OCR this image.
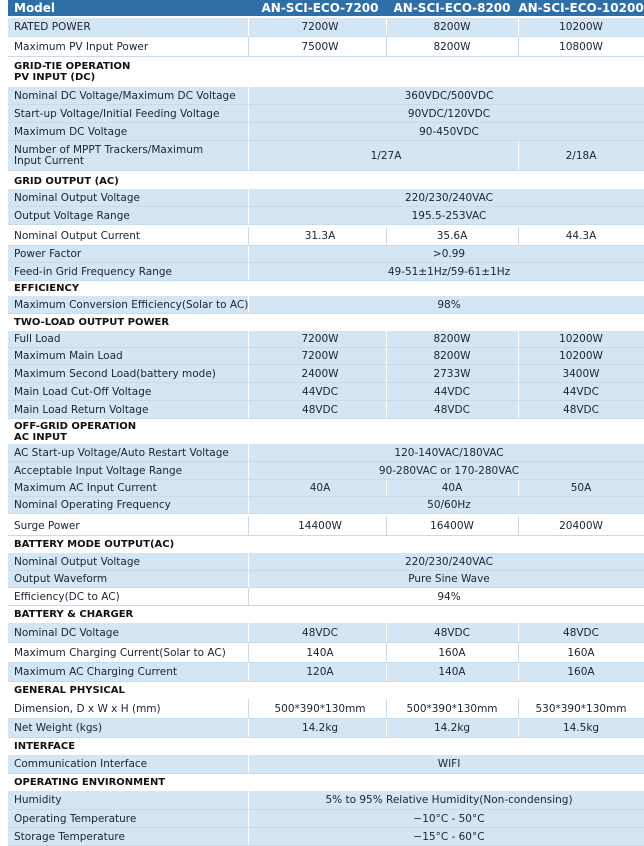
Model	AN-SCI-ECO-7200	AN-SCI-ECO-8200 AN-SCI-ECO-10200
RATED POWER	7200W	8200W	10200W
Maximum PV Input Power	7500W	8200W	10800W
GRID-TIE OPERATION
PV INPUT (DC)
Nominal DC Voltage/Maximum DC Voltage	360VDC/500VDC
Start-up Voltage/Initial Feeding Voltage	90VDC/120VDC
Maximum DC Voltage	90-450VDC
Number of MPPT Trackers/Maximum
Input Current	1/27A	2/18A
GRID OUTPUT (AC)
Nominal Output Voltage	220/230/240VAC
Output Voltage Range	195.5-253VAC
Nominal Output Current	31.3A	35.6A	44.3A
Power Factor	>0.99
Feed-in Grid Frequency Range	49-51±1Hz/59-61±1Hz
EFFICIENCY
Maximum Conversion Efficiency(Solar to AC)	98%
TWO-LOAD OUTPUT POWER
Full Load	7200W	8200W	10200W
Maximum Main Load	7200W	8200W	10200W
Maximum Second Load(battery mode)	2400W	2733W	3400W
Main Load Cut-Off Voltage	44VDC	44VDC	44VDC
Main Load Return Voltage	48VDC	48VDC	48VDC
OFF-GRID OPERATION
AC INPUT
AC Start-up Voltage/Auto Restart Voltage	120-140VAC/180VAC
Acceptable Input Voltage Range	90-280VAC or 170-280VAC
Maximum AC Input Current	40A	40A	50A
Nominal Operating Frequency	50/60Hz
Surge Power	14400W	16400W	20400W
BATTERY MODE OUTPUT(AC)
Nominal Output Voltage	220/230/240VAC
Output Waveform	Pure Sine Wave
Efficiency(DC to AC)	94%
BATTERY & CHARGER
Nominal DC Voltage	48VDC	48VDC	48VDC
Maximum Charging Current(Solar to AC)	140A	160A	160A
Maximum AC Charging Current	120A	140A	160A
GENERAL PHYSICAL
Dimension, D x W x H (mm)	500*390*130mm	500*390*130mm	530*390*130mm
Net Weight (kgs)	14.2kg	14.2kg	14.5kg
INTERFACE
Communication Interface	WIFI
OPERATING ENVIRONMENT
Humidity	5% to 95% Relative Humidity(Non-condensing)
Operating Temperature	−10°C - 50°C
Storage Temperature	−15°C - 60°C
